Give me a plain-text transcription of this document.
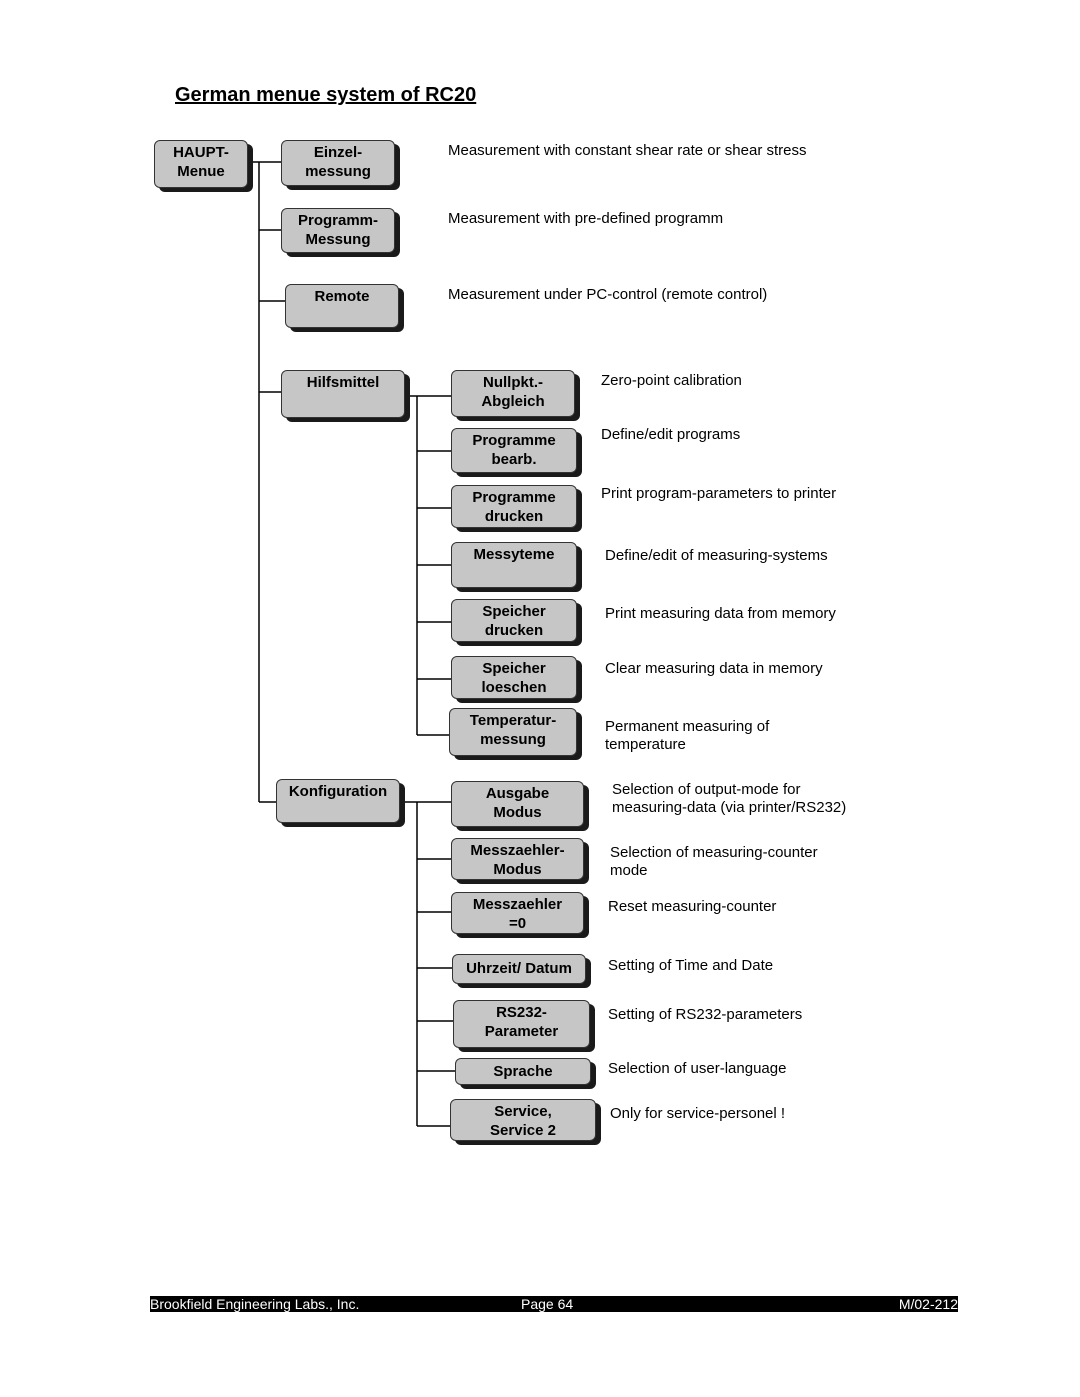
German menue system of RC20
HAUPT-
Menue
Einzel-
messung
Measurement with constant shear rate or shear stress
Programm-
Messung
Measurement with pre-defined programm
Remote	Measurement under PC-control (remote control)
Hilfsmittel
Konfiguration
Nullpkt.-
Abgleich
Zero-point calibration
Programme
bearb.
Define/edit programs
Programme
drucken
Print program-parameters to printer
Messyteme	Define/edit of measuring-systems
Speicher
drucken
Print measuring data from memory
Speicher
loeschen
Clear measuring data in memory
Temperatur-
messung
Permanent measuring of
temperature
Ausgabe
Modus
Selection of output-mode for
measuring-data (via printer/RS232)
Messzaehler-
Modus
Selection of measuring-counter
mode
Messzaehler
=0
Reset measuring-counter
Uhrzeit/ Datum	Setting of Time and Date
RS232-
Parameter
Setting of RS232-parameters
Sprache	Selection of user-language
Service,
Service 2
Only for service-personel !
Brookfield Engineering Labs., Inc.	Page 64	M/02-212
